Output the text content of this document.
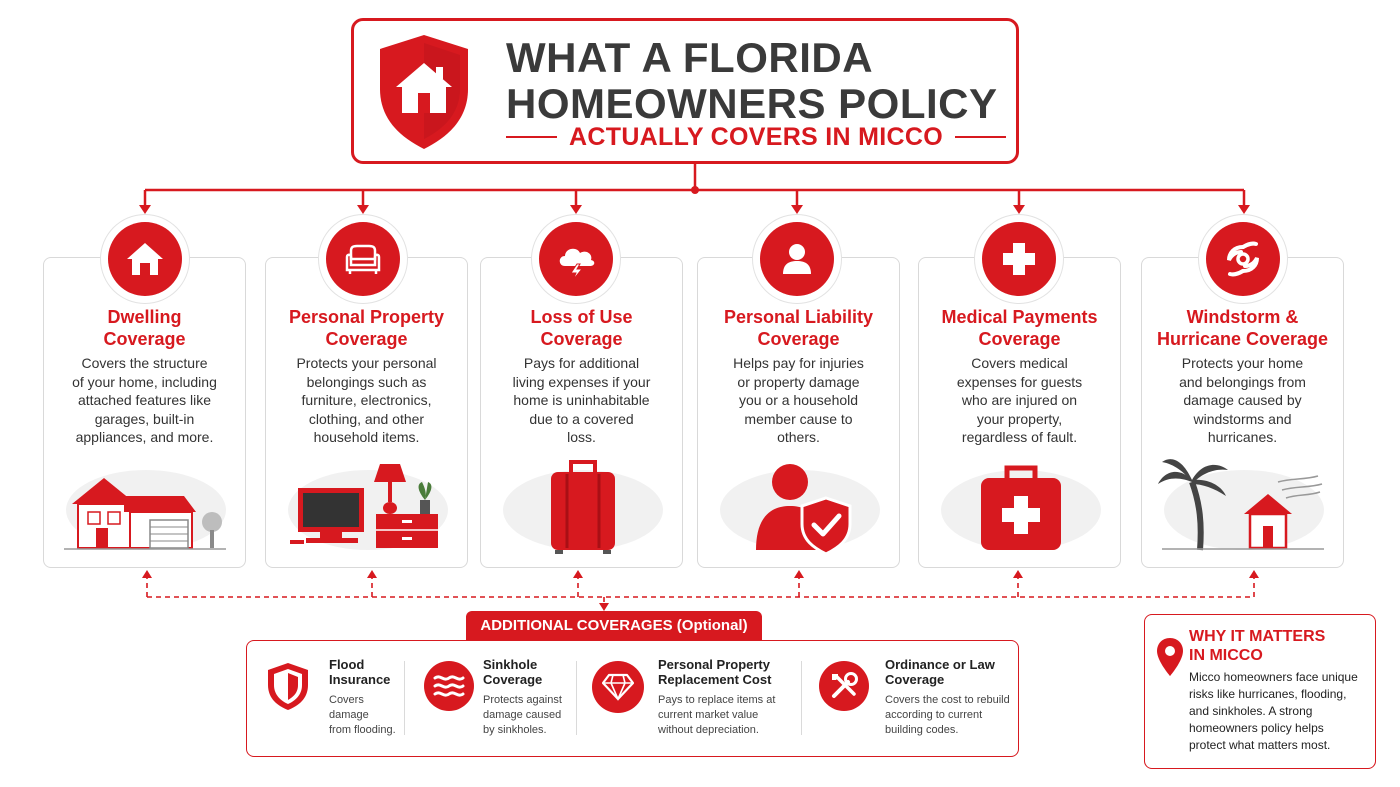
WHAT A FLORIDA
HOMEOWNERS POLICY
ACTUALLY COVERS IN MICCO
Dwelling
Coverage
Covers the structure
of your home, including
attached features like
garages, built-in
appliances, and more.
Personal Property
Coverage
Protects your personal
belongings such as
furniture, electronics,
clothing, and other
household items.
Loss of Use
Coverage
Pays for additional
living expenses if your
home is uninhabitable
due to a covered
loss.
Personal Liability
Coverage
Helps pay for injuries
or property damage
you or a household
member cause to
others.
Medical Payments
Coverage
Covers medical
expenses for guests
who are injured on
your property,
regardless of fault.
Windstorm &
Hurricane Coverage
Protects your home
and belongings from
damage caused by
windstorms and
hurricanes.
ADDITIONAL COVERAGES (Optional)
Flood
Insurance
Covers damage
from flooding.
Sinkhole
Coverage
Protects against
damage caused
by sinkholes.
Personal Property
Replacement Cost
Pays to replace items at
current market value
without depreciation.
Ordinance or Law
Coverage
Covers the cost to rebuild
according to current
building codes.
WHY IT MATTERS
IN MICCO
Micco homeowners face unique
risks like hurricanes, flooding,
and sinkholes. A strong
homeowners policy helps
protect what matters most.
